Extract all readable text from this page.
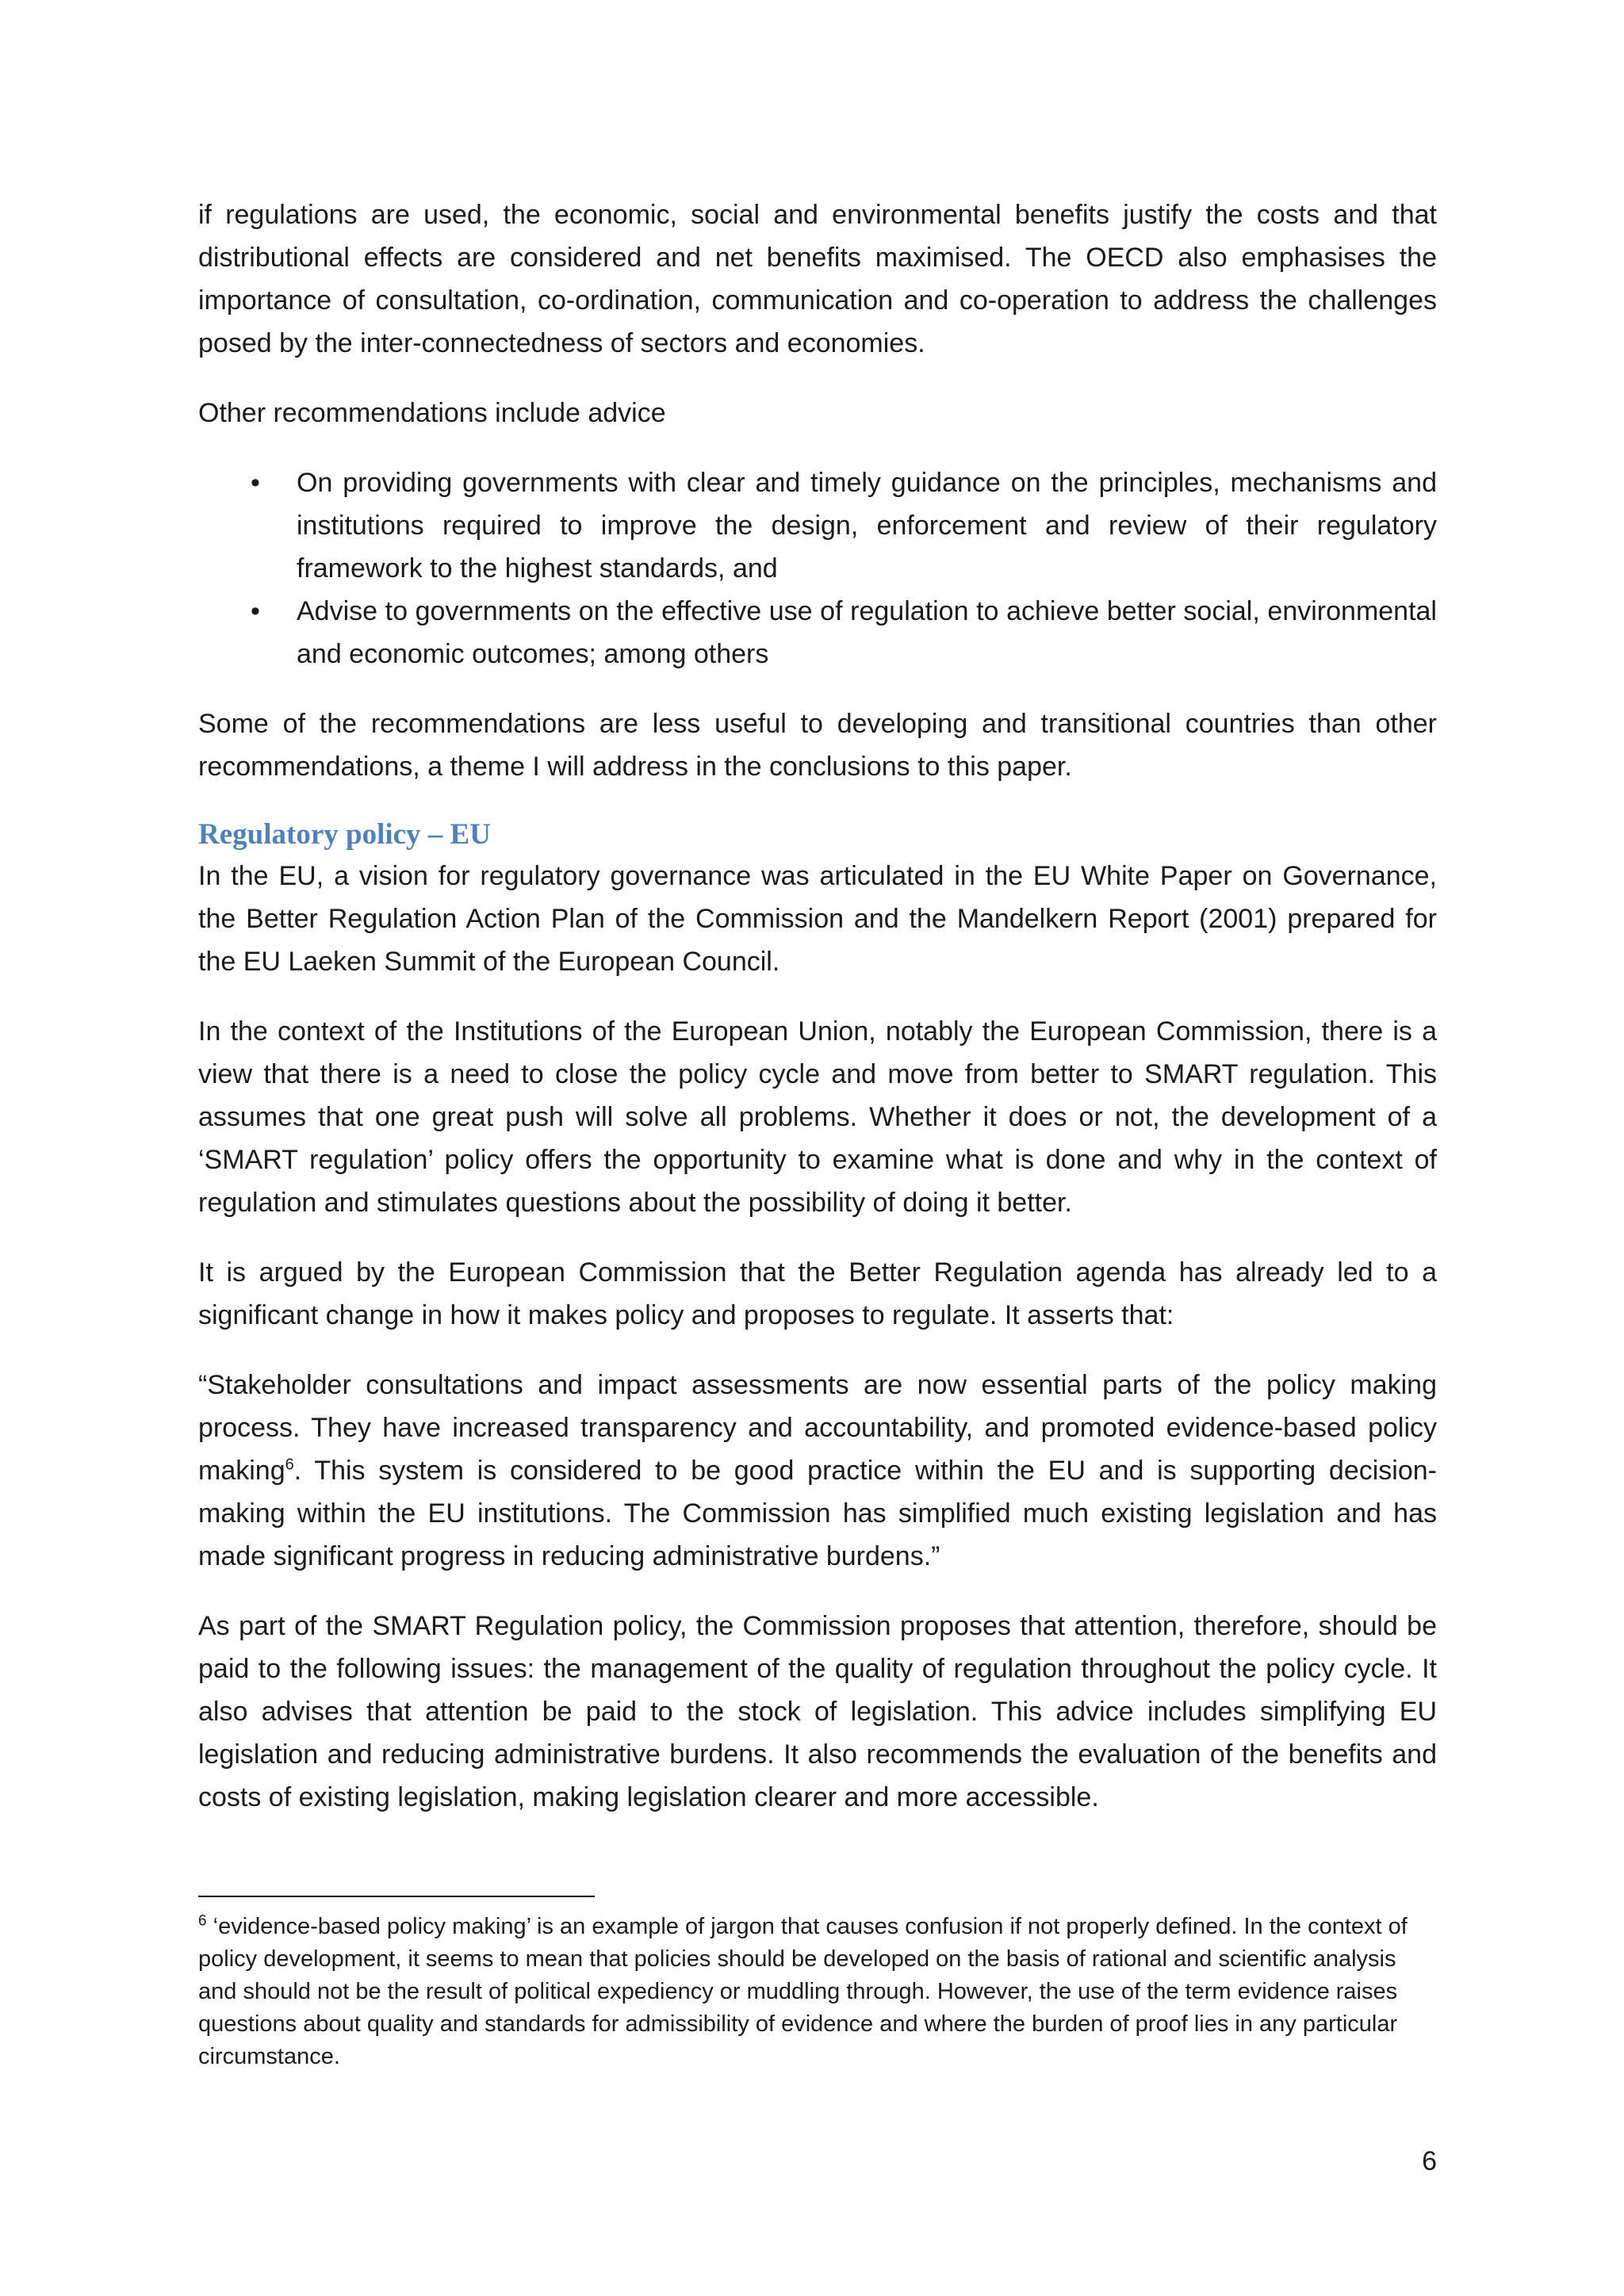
if regulations are used, the economic, social and environmental benefits justify the costs and that distributional effects are considered and net benefits maximised. The OECD also emphasises the importance of consultation, co-ordination, communication and co-operation to address the challenges posed by the inter-connectedness of sectors and economies.

Other recommendations include advice

• On providing governments with clear and timely guidance on the principles, mechanisms and institutions required to improve the design, enforcement and review of their regulatory framework to the highest standards, and
• Advise to governments on the effective use of regulation to achieve better social, environmental and economic outcomes; among others

Some of the recommendations are less useful to developing and transitional countries than other recommendations, a theme I will address in the conclusions to this paper.

Regulatory policy – EU

In the EU, a vision for regulatory governance was articulated in the EU White Paper on Governance, the Better Regulation Action Plan of the Commission and the Mandelkern Report (2001) prepared for the EU Laeken Summit of the European Council.

In the context of the Institutions of the European Union, notably the European Commission, there is a view that there is a need to close the policy cycle and move from better to SMART regulation. This assumes that one great push will solve all problems. Whether it does or not, the development of a ‘SMART regulation’ policy offers the opportunity to examine what is done and why in the context of regulation and stimulates questions about the possibility of doing it better.

It is argued by the European Commission that the Better Regulation agenda has already led to a significant change in how it makes policy and proposes to regulate. It asserts that:

“Stakeholder consultations and impact assessments are now essential parts of the policy making process. They have increased transparency and accountability, and promoted evidence-based policy making$^6$. This system is considered to be good practice within the EU and is supporting decision-making within the EU institutions. The Commission has simplified much existing legislation and has made significant progress in reducing administrative burdens.”

As part of the SMART Regulation policy, the Commission proposes that attention, therefore, should be paid to the following issues: the management of the quality of regulation throughout the policy cycle. It also advises that attention be paid to the stock of legislation. This advice includes simplifying EU legislation and reducing administrative burdens. It also recommends the evaluation of the benefits and costs of existing legislation, making legislation clearer and more accessible.

$^6$ ‘evidence-based policy making’ is an example of jargon that causes confusion if not properly defined. In the context of policy development, it seems to mean that policies should be developed on the basis of rational and scientific analysis and should not be the result of political expediency or muddling through. However, the use of the term evidence raises questions about quality and standards for admissibility of evidence and where the burden of proof lies in any particular circumstance.
6
